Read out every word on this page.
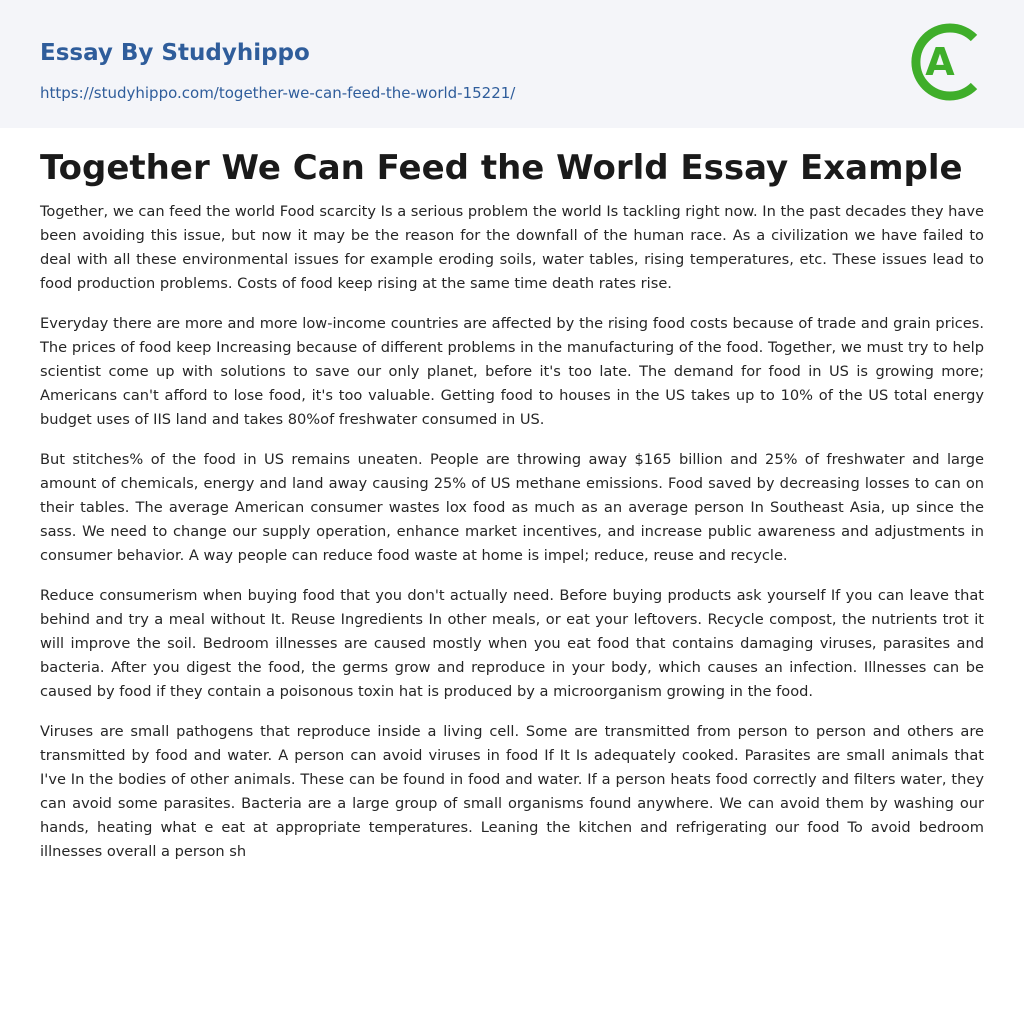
Essay By Studyhippo
https://studyhippo.com/together-we-can-feed-the-world-15221/
A
Together We Can Feed the World Essay Example

Together, we can feed the world Food scarcity Is a serious problem the world Is tackling right now. In the past decades they have been avoiding this issue, but now it may be the reason for the downfall of the human race. As a civilization we have failed to deal with all these environmental issues for example eroding soils, water tables, rising temperatures, etc. These issues lead to food production problems. Costs of food keep rising at the same time death rates rise.

Everyday there are more and more low-income countries are affected by the rising food costs because of trade and grain prices. The prices of food keep Increasing because of different problems in the manufacturing of the food. Together, we must try to help scientist come up with solutions to save our only planet, before it's too late. The demand for food in US is growing more; Americans can't afford to lose food, it's too valuable. Getting food to houses in the US takes up to 10% of the US total energy budget uses of IIS land and takes 80%of freshwater consumed in US.

But stitches% of the food in US remains uneaten. People are throwing away $165 billion and 25% of freshwater and large amount of chemicals, energy and land away causing 25% of US methane emissions. Food saved by decreasing losses to can on their tables. The average American consumer wastes lox food as much as an average person In Southeast Asia, up since the sass. We need to change our supply operation, enhance market incentives, and increase public awareness and adjustments in consumer behavior. A way people can reduce food waste at home is impel; reduce, reuse and recycle.

Reduce consumerism when buying food that you don't actually need. Before buying products ask yourself If you can leave that behind and try a meal without It. Reuse Ingredients In other meals, or eat your leftovers. Recycle compost, the nutrients trot it will improve the soil. Bedroom illnesses are caused mostly when you eat food that contains damaging viruses, parasites and bacteria. After you digest the food, the germs grow and reproduce in your body, which causes an infection. Illnesses can be caused by food if they contain a poisonous toxin hat is produced by a microorganism growing in the food.

Viruses are small pathogens that reproduce inside a living cell. Some are transmitted from person to person and others are transmitted by food and water. A person can avoid viruses in food If It Is adequately cooked. Parasites are small animals that I've In the bodies of other animals. These can be found in food and water. If a person heats food correctly and filters water, they can avoid some parasites. Bacteria are a large group of small organisms found anywhere. We can avoid them by washing our hands, heating what e eat at appropriate temperatures. Leaning the kitchen and refrigerating our food To avoid bedroom illnesses overall a person sh
